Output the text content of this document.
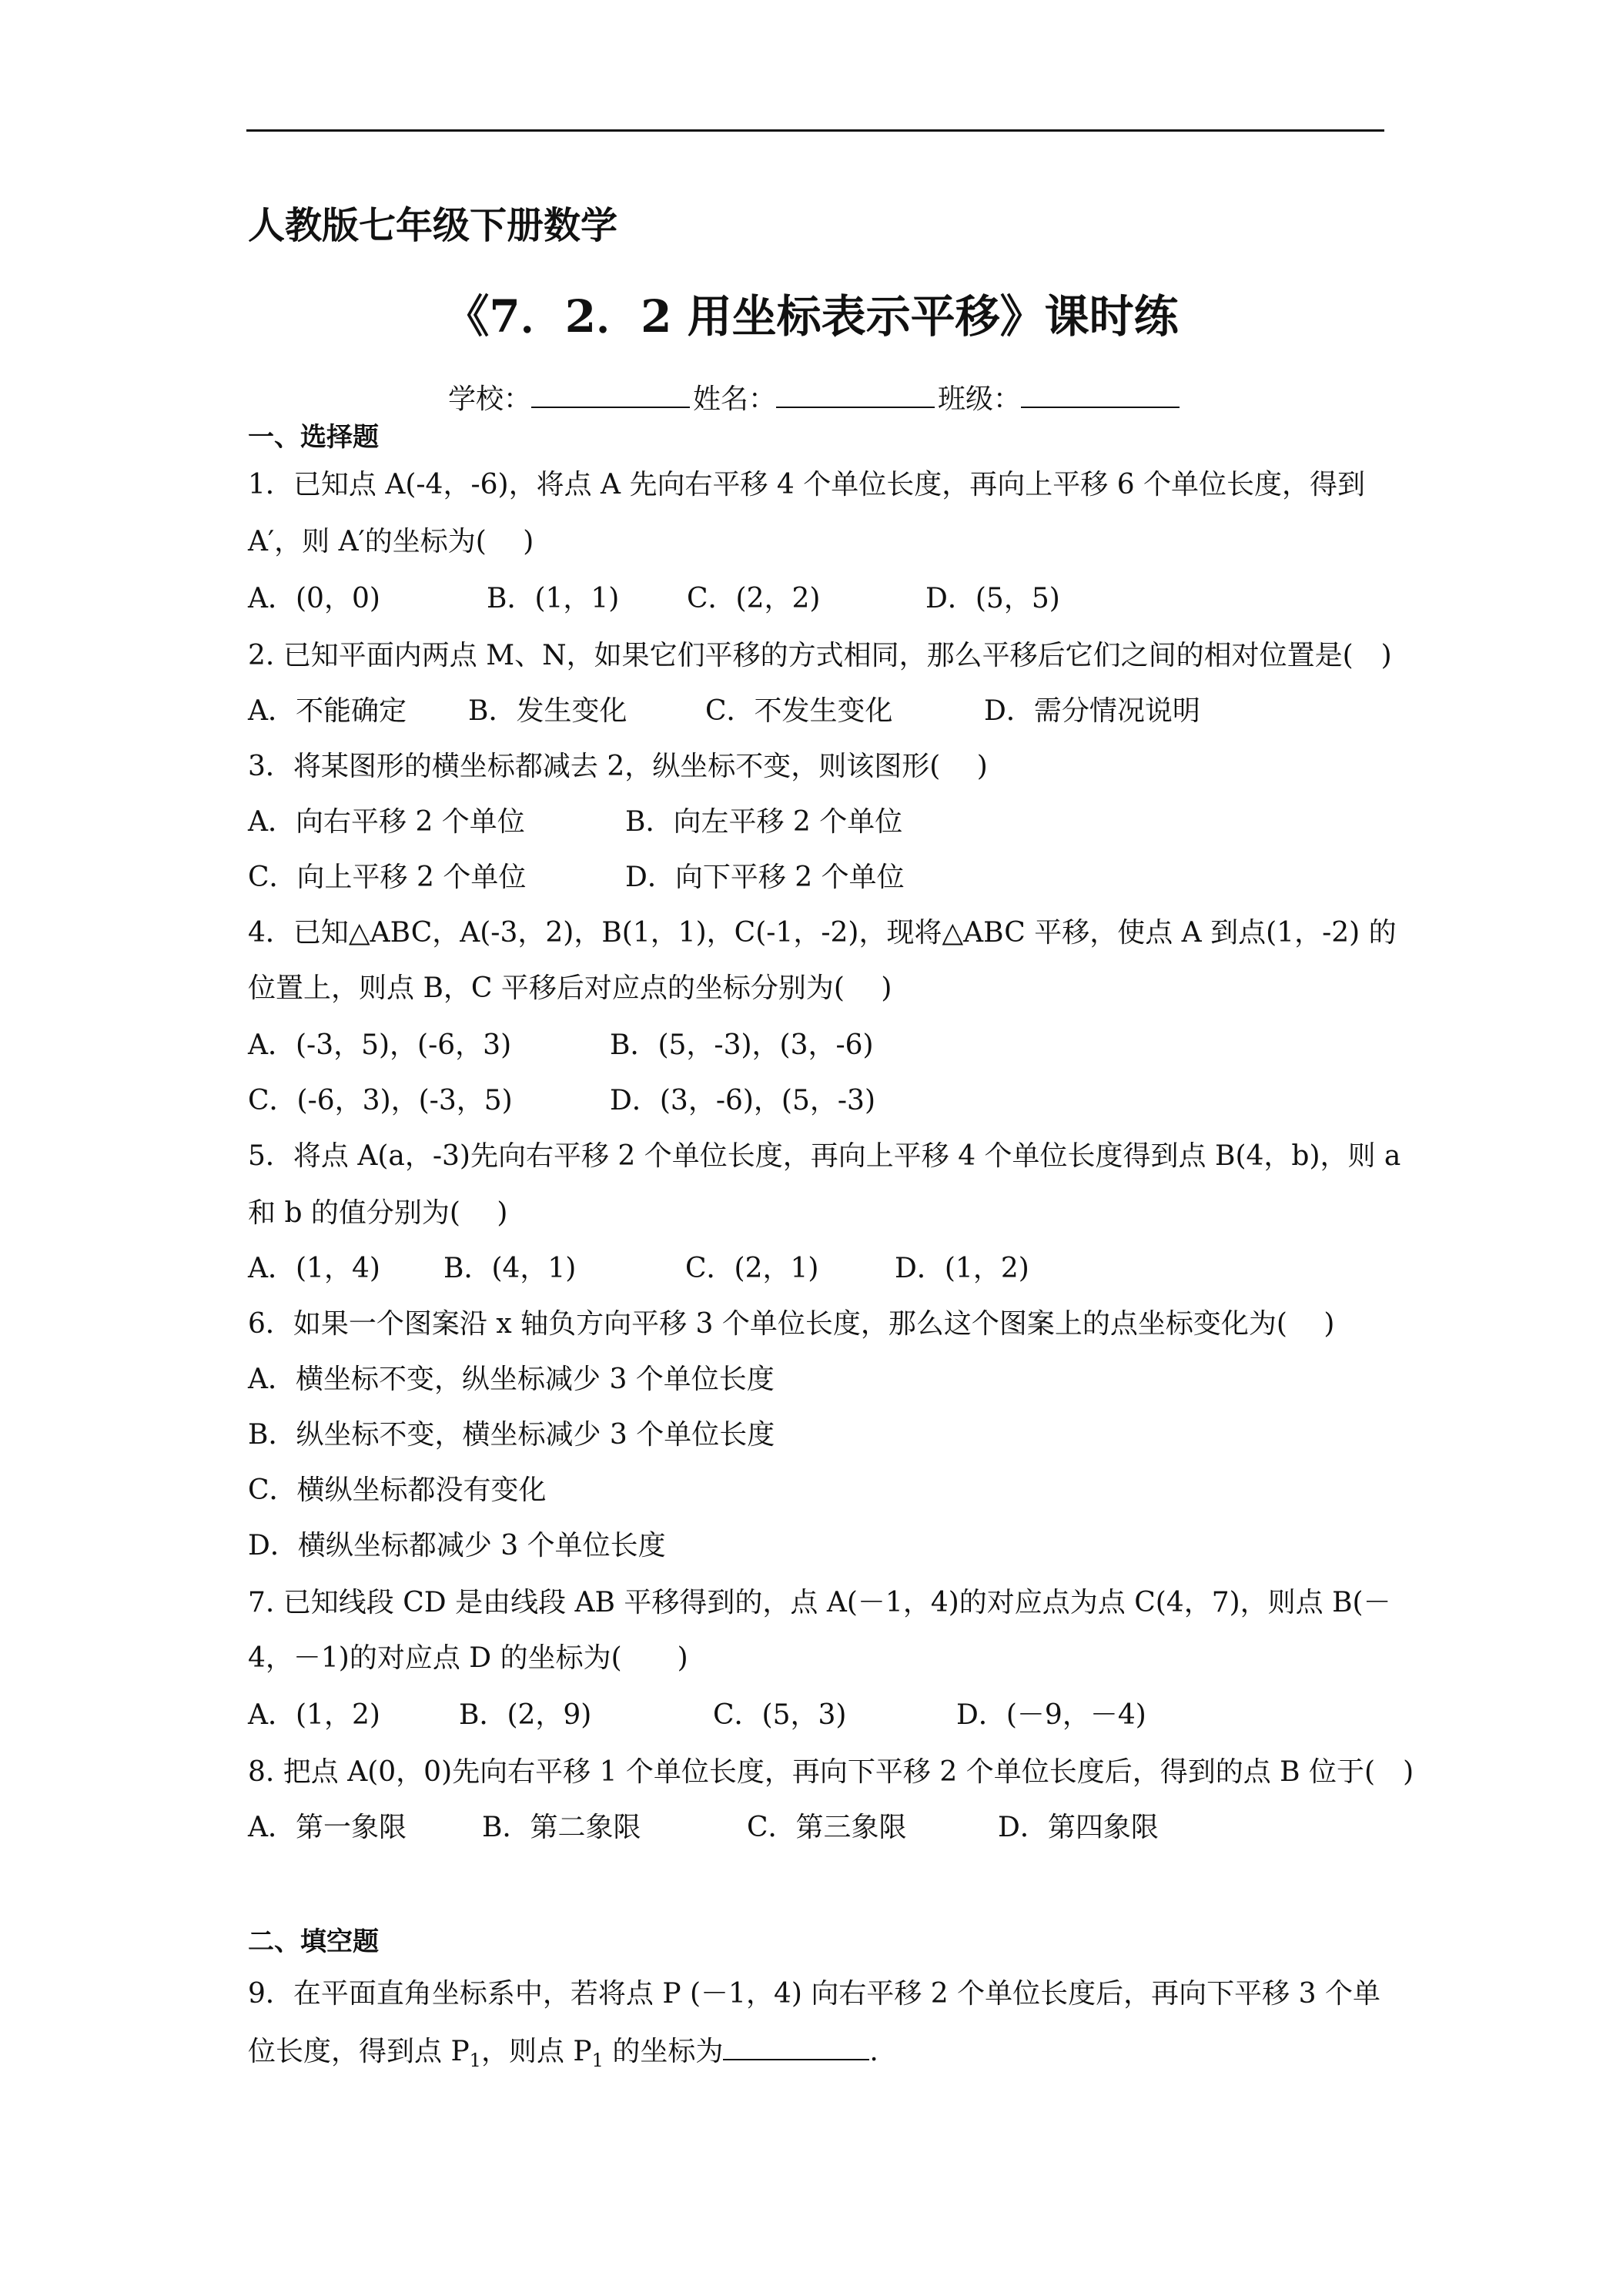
人教版七年级下册数学
《7．2．2 用坐标表示平移》课时练
学校：	姓名：	班级：
一、选择题
1．已知点 A(-4，-6)，将点 A 先向右平移 4 个单位长度，再向上平移 6 个单位长度，得到
A′，则 A′的坐标为(　 )
A．(0，0)	B．(1，1) C．(2，2)	D．(5，5)
2. 已知平面内两点 M、N，如果它们平移的方式相同，那么平移后它们之间的相对位置是(　)
A．不能确定 B．发生变化	C．不发生变化	D．需分情况说明
3．将某图形的横坐标都减去 2，纵坐标不变，则该图形(　 )
A．向右平移 2 个单位	B．向左平移 2 个单位
C．向上平移 2 个单位	D．向下平移 2 个单位
4．已知△ABC，A(-3，2)，B(1，1)，C(-1，-2)，现将△ABC 平移，使点 A 到点(1，-2) 的
位置上，则点 B，C 平移后对应点的坐标分别为(　 )
A．(-3，5)，(-6，3)	B．(5，-3)，(3，-6)
C．(-6，3)，(-3，5)	D．(3，-6)，(5，-3)
5．将点 A(a，-3)先向右平移 2 个单位长度，再向上平移 4 个单位长度得到点 B(4，b)，则 a
和 b 的值分别为(　 )
A．(1，4) B．(4，1)	C．(2，1)	D．(1，2)
6．如果一个图案沿 x 轴负方向平移 3 个单位长度，那么这个图案上的点坐标变化为(　 )
A．横坐标不变，纵坐标减少 3 个单位长度
B．纵坐标不变，横坐标减少 3 个单位长度
C．横纵坐标都没有变化
D．横纵坐标都减少 3 个单位长度
7. 已知线段 CD 是由线段 AB 平移得到的，点 A(－1，4)的对应点为点 C(4，7)，则点 B(－
4，－1)的对应点 D 的坐标为(　　)
A．(1，2)	B．(2，9)	C．(5，3)	D．(－9，－4)
8. 把点 A(0，0)先向右平移 1 个单位长度，再向下平移 2 个单位长度后，得到的点 B 位于(　)
A．第一象限	B．第二象限	C．第三象限	D．第四象限
二、填空题
9．在平面直角坐标系中，若将点 P (－1，4) 向右平移 2 个单位长度后，再向下平移 3 个单
位长度，得到点 $P_1$，则点 $P_1$ 的坐标为	.
